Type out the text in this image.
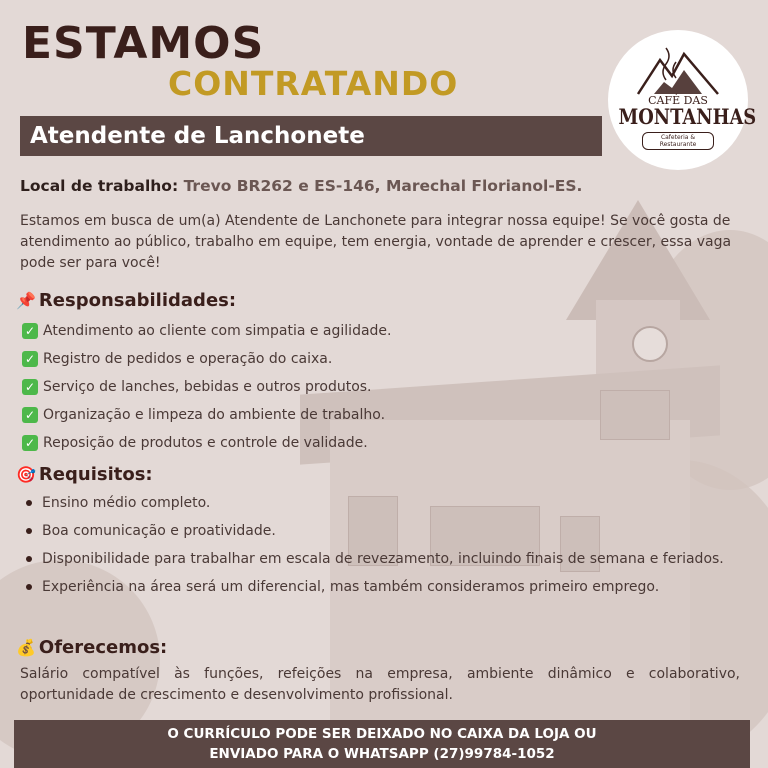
ESTAMOS
CONTRATANDO
Atendente de Lanchonete
CAFÉ DAS
MONTANHAS
Cafeteria & Restaurante
Local de trabalho: Trevo BR262 e ES-146, Marechal Florianol-ES.

Estamos em busca de um(a) Atendente de Lanchonete para integrar nossa equipe! Se você gosta de atendimento ao público, trabalho em equipe, tem energia, vontade de aprender e crescer, essa vaga pode ser para você!

📌 Responsabilidades:
✓ Atendimento ao cliente com simpatia e agilidade.
✓ Registro de pedidos e operação do caixa.
✓ Serviço de lanches, bebidas e outros produtos.
✓ Organização e limpeza do ambiente de trabalho.
✓ Reposição de produtos e controle de validade.
🎯 Requisitos:
Ensino médio completo.
Boa comunicação e proatividade.
Disponibilidade para trabalhar em escala de revezamento, incluindo finais de semana e feriados.
Experiência na área será um diferencial, mas também consideramos primeiro emprego.
💰 Oferecemos:

Salário compatível às funções, refeições na empresa, ambiente dinâmico e colaborativo, oportunidade de crescimento e desenvolvimento profissional.

O CURRÍCULO PODE SER DEIXADO NO CAIXA DA LOJA OU
ENVIADO PARA O WHATSAPP (27)99784-1052
